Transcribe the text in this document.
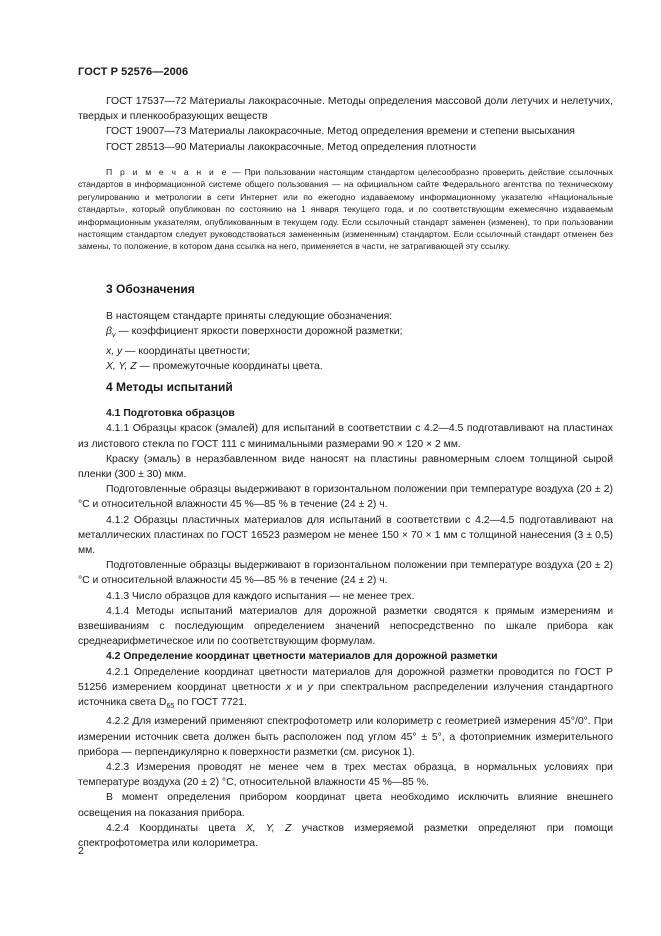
ГОСТ Р 52576—2006

ГОСТ 17537—72 Материалы лакокрасочные. Методы определения массовой доли летучих и нелетучих, твердых и пленкообразующих веществ

ГОСТ 19007—73 Материалы лакокрасочные. Метод определения времени и степени высыхания

ГОСТ 28513—90 Материалы лакокрасочные. Метод определения плотности

П р и м е ч а н и е — При пользовании настоящим стандартом целесообразно проверить действие ссылочных стандартов в информационной системе общего пользования — на официальном сайте Федерального агентства по техническому регулированию и метрологии в сети Интернет или по ежегодно издаваемому информационному указателю «Национальные стандарты», который опубликован по состоянию на 1 января текущего года, и по соответствующим ежемесячно издаваемым информационным указателям, опубликованным в текущем году. Если ссылочный стандарт заменен (изменен), то при пользовании настоящим стандартом следует руководствоваться замененным (измененным) стандартом. Если ссылочный стандарт отменен без замены, то положение, в котором дана ссылка на него, применяется в части, не затрагивающей эту ссылку.

3 Обозначения

В настоящем стандарте приняты следующие обозначения:

$\beta_v$ — коэффициент яркости поверхности дорожной разметки;

x, y — координаты цветности;

X, Y, Z — промежуточные координаты цвета.

4 Методы испытаний

4.1 Подготовка образцов

4.1.1 Образцы красок (эмалей) для испытаний в соответствии с 4.2—4.5 подготавливают на пластинах из листового стекла по ГОСТ 111 с минимальными размерами 90 × 120 × 2 мм.

Краску (эмаль) в неразбавленном виде наносят на пластины равномерным слоем толщиной сырой пленки (300 ± 30) мкм.

Подготовленные образцы выдерживают в горизонтальном положении при температуре воздуха (20 ± 2) °С и относительной влажности 45 %—85 % в течение (24 ± 2) ч.

4.1.2 Образцы пластичных материалов для испытаний в соответствии с 4.2—4.5 подготавливают на металлических пластинах по ГОСТ 16523 размером не менее 150 × 70 × 1 мм с толщиной нанесения (3 ± 0,5) мм.

Подготовленные образцы выдерживают в горизонтальном положении при температуре воздуха (20 ± 2) °С и относительной влажности 45 %—85 % в течение (24 ± 2) ч.

4.1.3 Число образцов для каждого испытания — не менее трех.

4.1.4 Методы испытаний материалов для дорожной разметки сводятся к прямым измерениям и взвешиваниям с последующим определением значений непосредственно по шкале прибора как среднеарифметическое или по соответствующим формулам.

4.2 Определение координат цветности материалов для дорожной разметки

4.2.1 Определение координат цветности материалов для дорожной разметки проводится по ГОСТ Р 51256 измерением координат цветности x и y при спектральном распределении излучения стандартного источника света $D_{65}$ по ГОСТ 7721.

4.2.2 Для измерений применяют спектрофотометр или колориметр с геометрией измерения 45°/0°. При измерении источник света должен быть расположен под углом 45° ± 5°, а фотоприемник измерительного прибора — перпендикулярно к поверхности разметки (см. рисунок 1).

4.2.3 Измерения проводят не менее чем в трех местах образца, в нормальных условиях при температуре воздуха (20 ± 2) °С, относительной влажности 45 %—85 %.

В момент определения прибором координат цвета необходимо исключить влияние внешнего освещения на показания прибора.

4.2.4 Координаты цвета X, Y, Z участков измеряемой разметки определяют при помощи спектрофотометра или колориметра.

2
